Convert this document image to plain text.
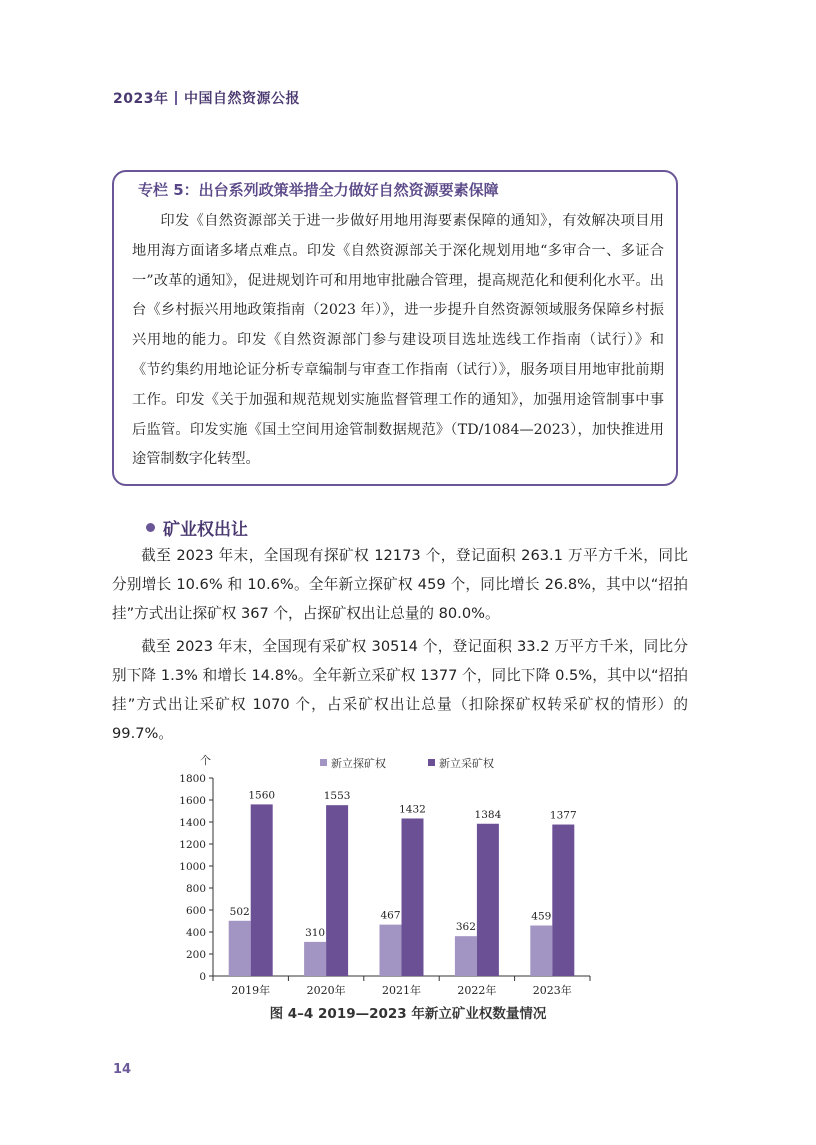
2023年 中国自然资源公报
专栏 5：出台系列政策举措全力做好自然资源要素保障
印发《自然资源部关于进一步做好用地用海要素保障的通知》，有效解决项目用地用海方面诸多堵点难点。印发《自然资源部关于深化规划用地“多审合一、多证合一”改革的通知》，促进规划许可和用地审批融合管理，提高规范化和便利化水平。出台《乡村振兴用地政策指南（2023 年）》，进一步提升自然资源领域服务保障乡村振兴用地的能力。印发《自然资源部门参与建设项目选址选线工作指南（试行）》和《节约集约用地论证分析专章编制与审查工作指南（试行）》，服务项目用地审批前期工作。印发《关于加强和规范规划实施监督管理工作的通知》，加强用途管制事中事后监管。印发实施《国土空间用途管制数据规范》（TD/1084—2023），加快推进用途管制数字化转型。
矿业权出让
截至 2023 年末，全国现有探矿权 12173 个，登记面积 263.1 万平方千米，同比分别增长 10.6% 和 10.6%。全年新立探矿权 459 个，同比增长 26.8%，其中以“招拍挂”方式出让探矿权 367 个，占探矿权出让总量的 80.0%。
截至 2023 年末，全国现有采矿权 30514 个，登记面积 33.2 万平方千米，同比分别下降 1.3% 和增长 14.8%。全年新立采矿权 1377 个，同比下降 0.5%，其中以“招拍挂”方式出让采矿权 1070 个，占采矿权出让总量（扣除探矿权转采矿权的情形）的 99.7%。
个
0
200
400
600
800
1000
1200
1400
1600
1800
502
1560
2019年
310
1553
2020年
467
1432
2021年
362
1384
2022年
459
1377
2023年
新立探矿权	新立采矿权
图 4–4 2019—2023 年新立矿业权数量情况
14
